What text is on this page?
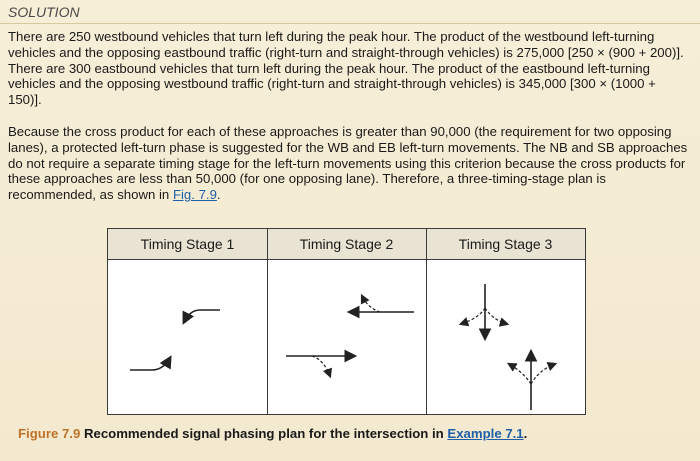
SOLUTION

There are 250 westbound vehicles that turn left during the peak hour. The product of the westbound left-turning vehicles and the opposing eastbound traffic (right-turn and straight-through vehicles) is 275,000 [250 × (900 + 200)]. There are 300 eastbound vehicles that turn left during the peak hour. The product of the eastbound left-turning vehicles and the opposing westbound traffic (right-turn and straight-through vehicles) is 345,000 [300 × (1000 + 150)].

Because the cross product for each of these approaches is greater than 90,000 (the requirement for two opposing lanes), a protected left-turn phase is suggested for the WB and EB left-turn movements. The NB and SB approaches do not require a separate timing stage for the left-turn movements using this criterion because the cross products for these approaches are less than 50,000 (for one opposing lane). Therefore, a three-timing-stage plan is recommended, as shown in Fig. 7.9.

Timing Stage 1	Timing Stage 2	Timing Stage 3
Figure 7.9 Recommended signal phasing plan for the intersection in Example 7.1.
